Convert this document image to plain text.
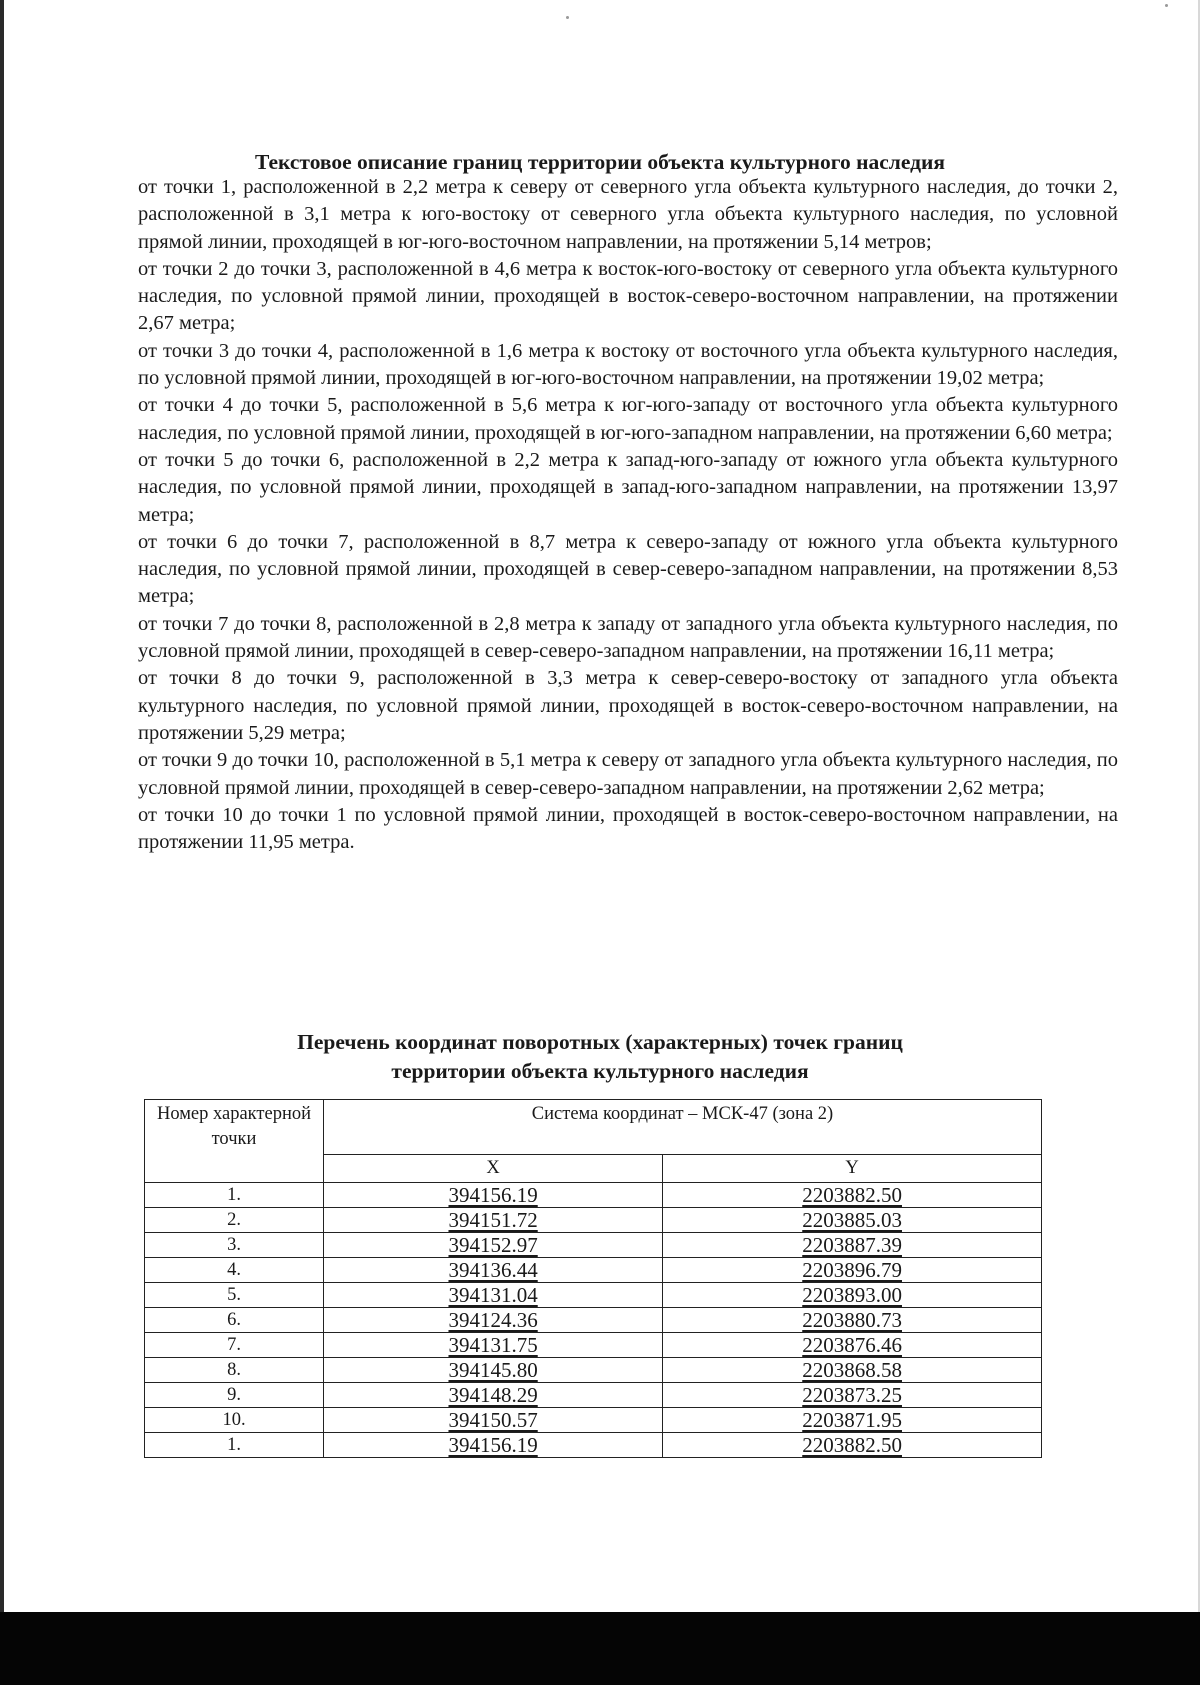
Текстовое описание границ территории объекта культурного наследия

от точки 1, расположенной в 2,2 метра к северу от северного угла объекта культурного наследия, до точки 2, расположенной в 3,1 метра к юго-востоку от северного угла объекта культурного наследия, по условной прямой линии, проходящей в юг-юго-восточном направлении, на протяжении 5,14 метров;

от точки 2 до точки 3, расположенной в 4,6 метра к восток-юго-востоку от северного угла объекта культурного наследия, по условной прямой линии, проходящей в восток-северо-восточном направлении, на протяжении 2,67 метра;

от точки 3 до точки 4, расположенной в 1,6 метра к востоку от восточного угла объекта культурного наследия, по условной прямой линии, проходящей в юг-юго-восточном направлении, на протяжении 19,02 метра;

от точки 4 до точки 5, расположенной в 5,6 метра к юг-юго-западу от восточного угла объекта культурного наследия, по условной прямой линии, проходящей в юг-юго-западном направлении, на протяжении 6,60 метра;

от точки 5 до точки 6, расположенной в 2,2 метра к запад-юго-западу от южного угла объекта культурного наследия, по условной прямой линии, проходящей в запад-юго-западном направлении, на протяжении 13,97 метра;

от точки 6 до точки 7, расположенной в 8,7 метра к северо-западу от южного угла объекта культурного наследия, по условной прямой линии, проходящей в север-северо-западном направлении, на протяжении 8,53 метра;

от точки 7 до точки 8, расположенной в 2,8 метра к западу от западного угла объекта культурного наследия, по условной прямой линии, проходящей в север-северо-западном направлении, на протяжении 16,11 метра;

от точки 8 до точки 9, расположенной в 3,3 метра к север-северо-востоку от западного угла объекта культурного наследия, по условной прямой линии, проходящей в восток-северо-восточном направлении, на протяжении 5,29 метра;

от точки 9 до точки 10, расположенной в 5,1 метра к северу от западного угла объекта культурного наследия, по условной прямой линии, проходящей в север-северо-западном направлении, на протяжении 2,62 метра;

от точки 10 до точки 1 по условной прямой линии, проходящей в восток-северо-восточном направлении, на протяжении 11,95 метра.

Перечень координат поворотных (характерных) точек границ
территории объекта культурного наследия
Номер характерной точки	Система координат – МСК-47 (зона 2)	
	X	Y
1.	394156.19	2203882.50
2.	394151.72	2203885.03
3.	394152.97	2203887.39
4.	394136.44	2203896.79
5.	394131.04	2203893.00
6.	394124.36	2203880.73
7.	394131.75	2203876.46
8.	394145.80	2203868.58
9.	394148.29	2203873.25
10.	394150.57	2203871.95
1.	394156.19	2203882.50
